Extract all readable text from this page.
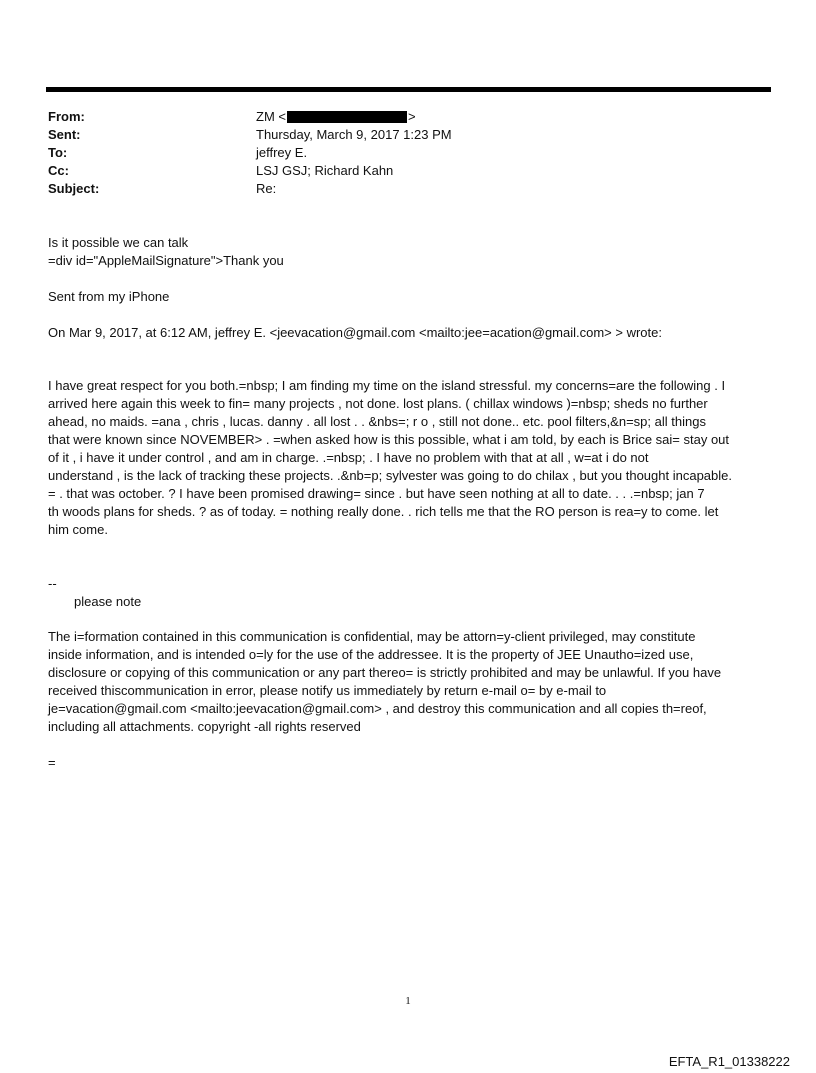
From:	ZM <	>
Sent:	Thursday, March 9, 2017 1:23 PM
To:	jeffrey E.
Cc:	LSJ GSJ; Richard Kahn
Subject:	Re:
Is it possible we can talk
=div id="AppleMailSignature">Thank you
Sent from my iPhone
On Mar 9, 2017, at 6:12 AM, jeffrey E. <jeevacation@gmail.com <mailto:jee=acation@gmail.com> > wrote:
I have great respect for you both.=nbsp; I am finding my time on the island stressful. my concerns=are the following . I
arrived here again this week to fin= many projects , not done. lost plans. ( chillax windows )=nbsp; sheds no further
ahead, no maids. =ana , chris , lucas. danny . all lost . . &nbs=; r o , still not done.. etc. pool filters,&n=sp; all things
that were known since NOVEMBER> . =when asked how is this possible, what i am told, by each is Brice sai= stay out
of it , i have it under control , and am in charge. .=nbsp; . I have no problem with that at all , w=at i do not
understand , is the lack of tracking these projects. .&nb=p; sylvester was going to do chilax , but you thought incapable.
= . that was october. ? I have been promised drawing= since . but have seen nothing at all to date. . . .=nbsp; jan 7
th woods plans for sheds. ? as of today. = nothing really done. . rich tells me that the RO person is rea=y to come. let
him come.
--
please note
The i=formation contained in this communication is confidential, may be attorn=y-client privileged, may constitute
inside information, and is intended o=ly for the use of the addressee. It is the property of JEE Unautho=ized use,
disclosure or copying of this communication or any part thereo= is strictly prohibited and may be unlawful. If you have
received thiscommunication in error, please notify us immediately by return e-mail o= by e-mail to
je=vacation@gmail.com <mailto:jeevacation@gmail.com> , and destroy this communication and all copies th=reof,
including all attachments. copyright -all rights reserved
=
1
EFTA_R1_01338222
